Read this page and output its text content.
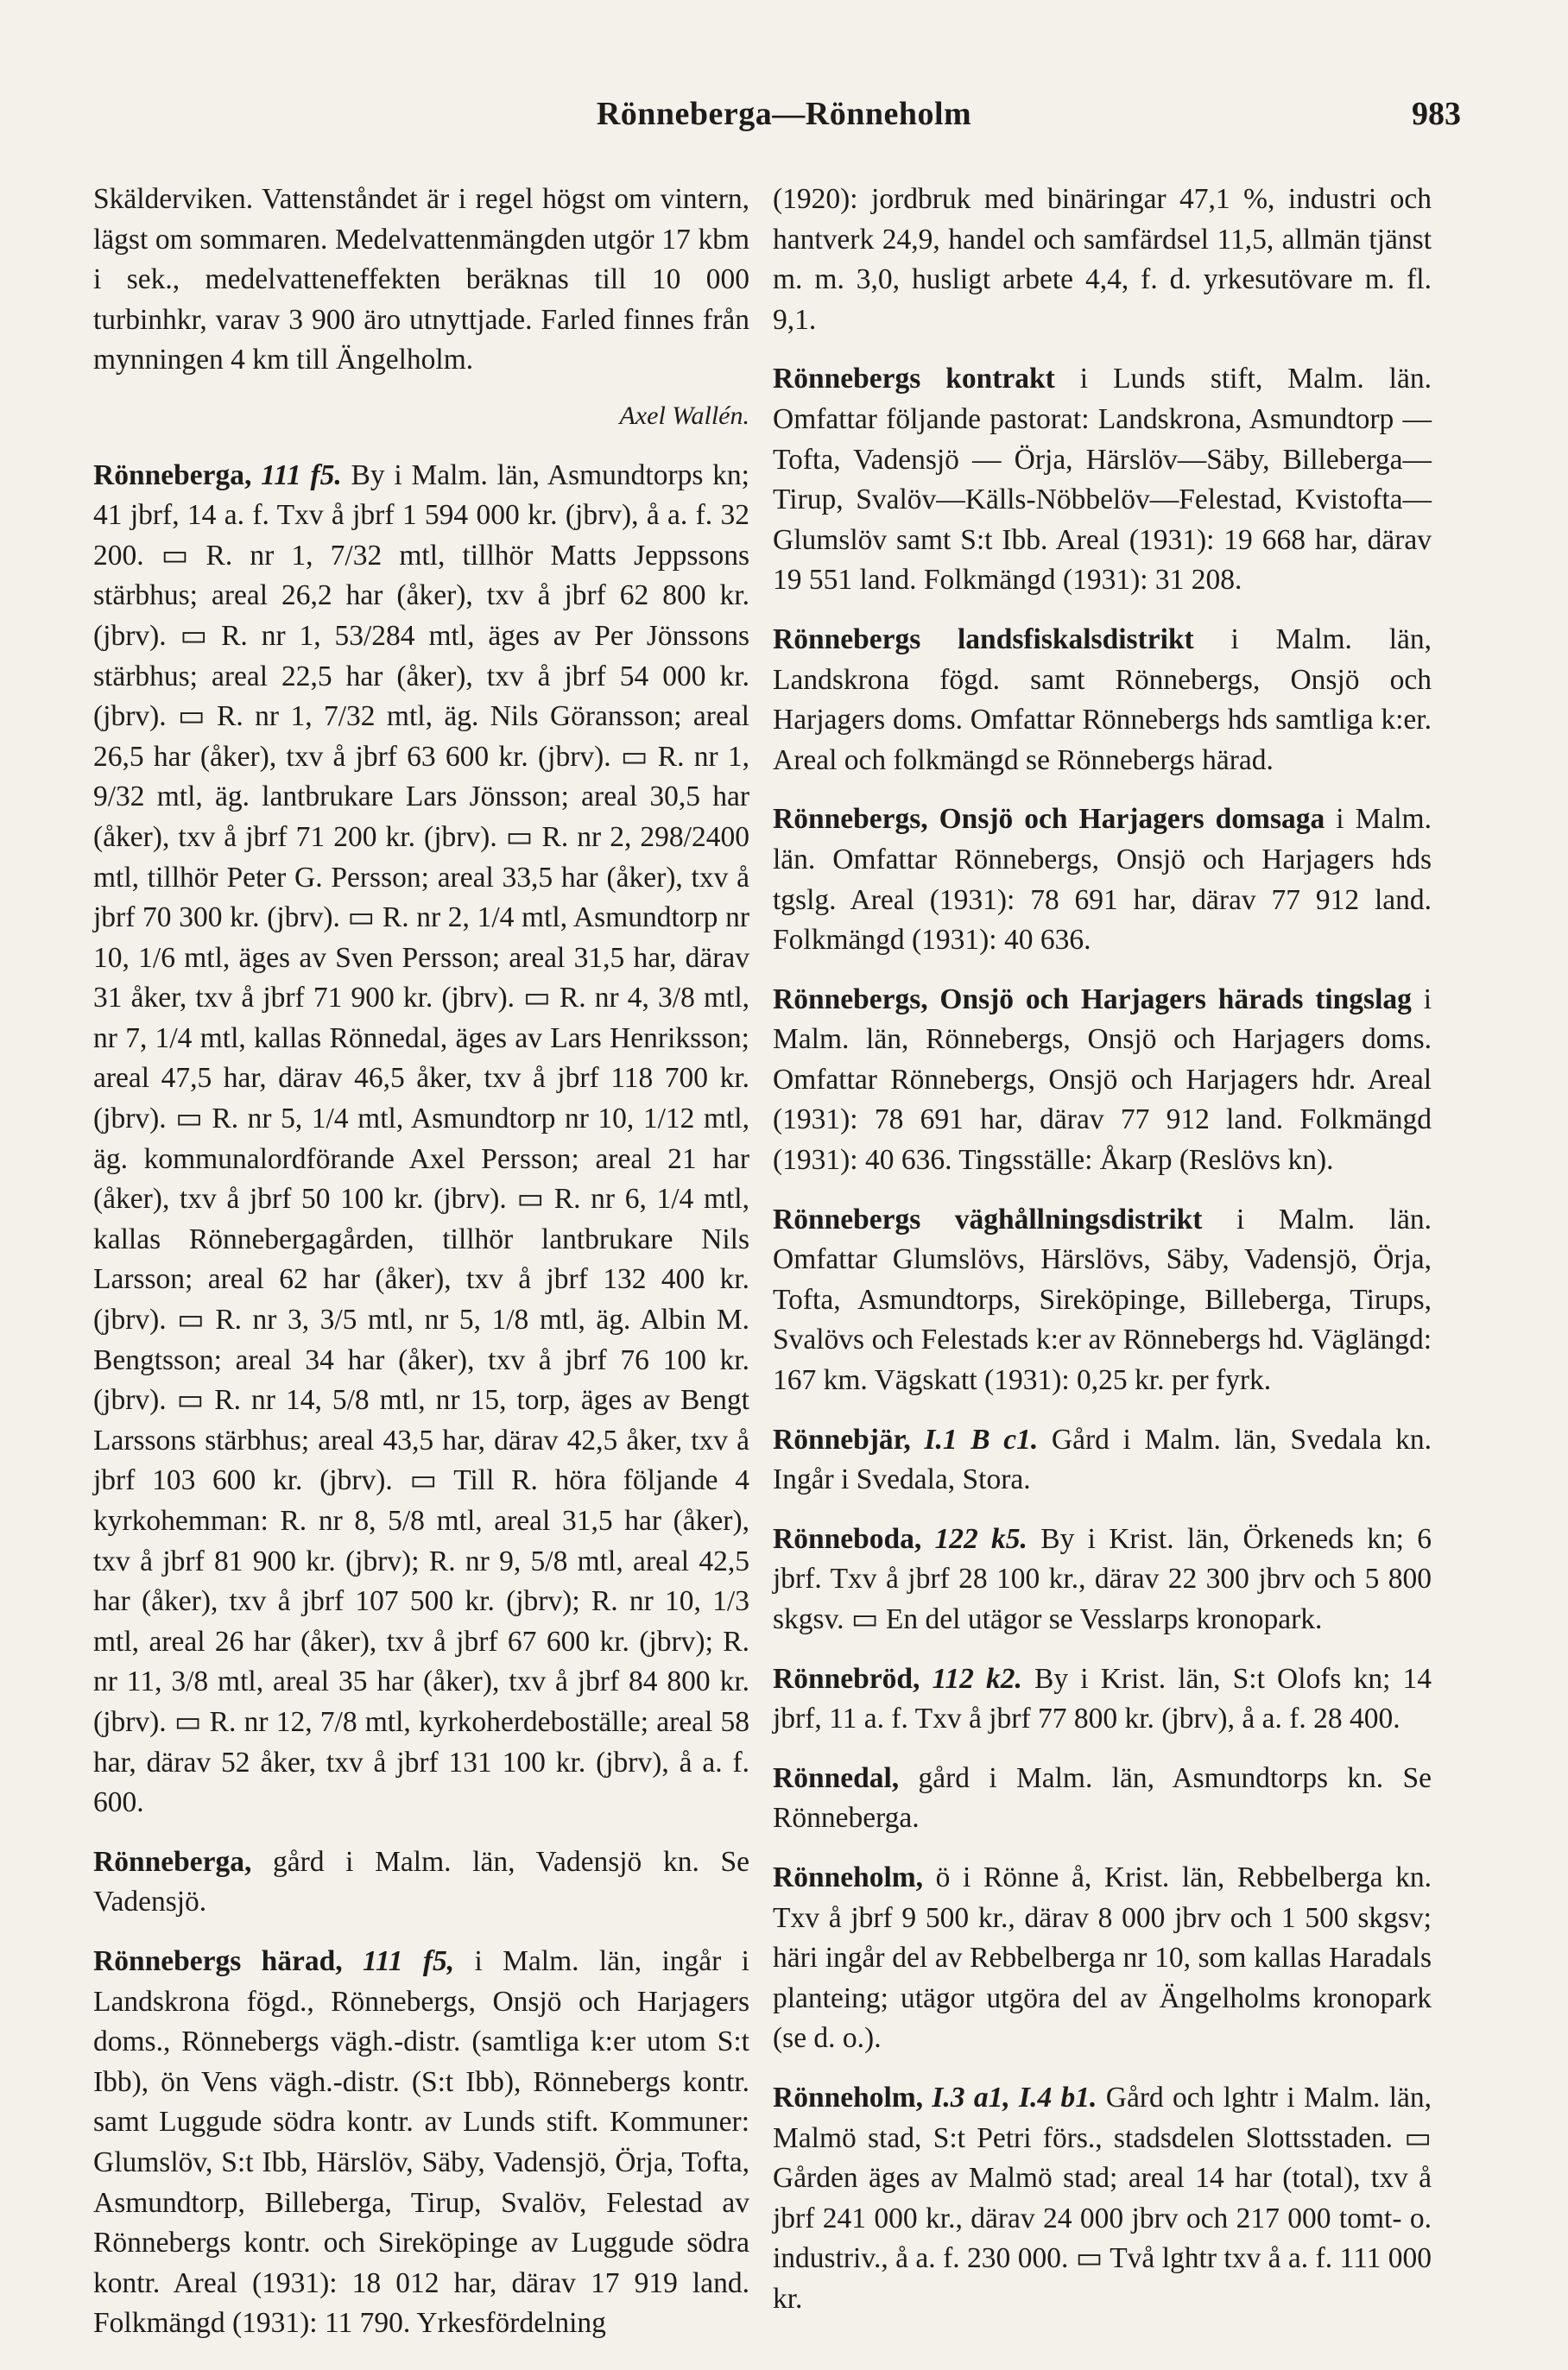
Rönneberga—Rönneholm	983

Skälderviken. Vattenståndet är i regel högst om vintern, lägst om sommaren. Medelvattenmängden utgör 17 kbm i sek., medelvatteneffekten beräknas till 10 000 turbinhkr, varav 3 900 äro utnyttjade. Farled finnes från mynningen 4 km till Ängelholm.

Axel Wallén.

Rönneberga, 111 f5. By i Malm. län, Asmundtorps kn; 41 jbrf, 14 a. f. Txv å jbrf 1 594 000 kr. (jbrv), å a. f. 32 200. ▭ R. nr 1, 7/32 mtl, tillhör Matts Jeppssons stärbhus; areal 26,2 har (åker), txv å jbrf 62 800 kr. (jbrv). ▭ R. nr 1, 53/284 mtl, äges av Per Jönssons stärbhus; areal 22,5 har (åker), txv å jbrf 54 000 kr. (jbrv). ▭ R. nr 1, 7/32 mtl, äg. Nils Göransson; areal 26,5 har (åker), txv å jbrf 63 600 kr. (jbrv). ▭ R. nr 1, 9/32 mtl, äg. lantbrukare Lars Jönsson; areal 30,5 har (åker), txv å jbrf 71 200 kr. (jbrv). ▭ R. nr 2, 298/2400 mtl, tillhör Peter G. Persson; areal 33,5 har (åker), txv å jbrf 70 300 kr. (jbrv). ▭ R. nr 2, 1/4 mtl, Asmundtorp nr 10, 1/6 mtl, äges av Sven Persson; areal 31,5 har, därav 31 åker, txv å jbrf 71 900 kr. (jbrv). ▭ R. nr 4, 3/8 mtl, nr 7, 1/4 mtl, kallas Rönnedal, äges av Lars Henriksson; areal 47,5 har, därav 46,5 åker, txv å jbrf 118 700 kr. (jbrv). ▭ R. nr 5, 1/4 mtl, Asmundtorp nr 10, 1/12 mtl, äg. kommunalordförande Axel Persson; areal 21 har (åker), txv å jbrf 50 100 kr. (jbrv). ▭ R. nr 6, 1/4 mtl, kallas Rönnebergagården, tillhör lantbrukare Nils Larsson; areal 62 har (åker), txv å jbrf 132 400 kr. (jbrv). ▭ R. nr 3, 3/5 mtl, nr 5, 1/8 mtl, äg. Albin M. Bengtsson; areal 34 har (åker), txv å jbrf 76 100 kr. (jbrv). ▭ R. nr 14, 5/8 mtl, nr 15, torp, äges av Bengt Larssons stärbhus; areal 43,5 har, därav 42,5 åker, txv å jbrf 103 600 kr. (jbrv). ▭ Till R. höra följande 4 kyrkohemman: R. nr 8, 5/8 mtl, areal 31,5 har (åker), txv å jbrf 81 900 kr. (jbrv); R. nr 9, 5/8 mtl, areal 42,5 har (åker), txv å jbrf 107 500 kr. (jbrv); R. nr 10, 1/3 mtl, areal 26 har (åker), txv å jbrf 67 600 kr. (jbrv); R. nr 11, 3/8 mtl, areal 35 har (åker), txv å jbrf 84 800 kr. (jbrv). ▭ R. nr 12, 7/8 mtl, kyrkoherdeboställe; areal 58 har, därav 52 åker, txv å jbrf 131 100 kr. (jbrv), å a. f. 600.

Rönneberga, gård i Malm. län, Vadensjö kn. Se Vadensjö.

Rönnebergs härad, 111 f5, i Malm. län, ingår i Landskrona fögd., Rönnebergs, Onsjö och Harjagers doms., Rönnebergs vägh.-distr. (samtliga k:er utom S:t Ibb), ön Vens vägh.-distr. (S:t Ibb), Rönnebergs kontr. samt Luggude södra kontr. av Lunds stift. Kommuner: Glumslöv, S:t Ibb, Härslöv, Säby, Vadensjö, Örja, Tofta, Asmundtorp, Billeberga, Tirup, Svalöv, Felestad av Rönnebergs kontr. och Sireköpinge av Luggude södra kontr. Areal (1931): 18 012 har, därav 17 919 land. Folkmängd (1931): 11 790. Yrkesfördelning

(1920): jordbruk med binäringar 47,1 %, industri och hantverk 24,9, handel och samfärdsel 11,5, allmän tjänst m. m. 3,0, husligt arbete 4,4, f. d. yrkesutövare m. fl. 9,1.

Rönnebergs kontrakt i Lunds stift, Malm. län. Omfattar följande pastorat: Landskrona, Asmundtorp — Tofta, Vadensjö — Örja, Härslöv—Säby, Billeberga—Tirup, Svalöv—Källs-Nöbbelöv—Felestad, Kvistofta—Glumslöv samt S:t Ibb. Areal (1931): 19 668 har, därav 19 551 land. Folkmängd (1931): 31 208.

Rönnebergs landsfiskalsdistrikt i Malm. län, Landskrona fögd. samt Rönnebergs, Onsjö och Harjagers doms. Omfattar Rönnebergs hds samtliga k:er. Areal och folkmängd se Rönnebergs härad.

Rönnebergs, Onsjö och Harjagers domsaga i Malm. län. Omfattar Rönnebergs, Onsjö och Harjagers hds tgslg. Areal (1931): 78 691 har, därav 77 912 land. Folkmängd (1931): 40 636.

Rönnebergs, Onsjö och Harjagers härads tingslag i Malm. län, Rönnebergs, Onsjö och Harjagers doms. Omfattar Rönnebergs, Onsjö och Harjagers hdr. Areal (1931): 78 691 har, därav 77 912 land. Folkmängd (1931): 40 636. Tingsställe: Åkarp (Reslövs kn).

Rönnebergs väghållningsdistrikt i Malm. län. Omfattar Glumslövs, Härslövs, Säby, Vadensjö, Örja, Tofta, Asmundtorps, Sireköpinge, Billeberga, Tirups, Svalövs och Felestads k:er av Rönnebergs hd. Väglängd: 167 km. Vägskatt (1931): 0,25 kr. per fyrk.

Rönnebjär, I.1 B c1. Gård i Malm. län, Svedala kn. Ingår i Svedala, Stora.

Rönneboda, 122 k5. By i Krist. län, Örkeneds kn; 6 jbrf. Txv å jbrf 28 100 kr., därav 22 300 jbrv och 5 800 skgsv. ▭ En del utägor se Vesslarps kronopark.

Rönnebröd, 112 k2. By i Krist. län, S:t Olofs kn; 14 jbrf, 11 a. f. Txv å jbrf 77 800 kr. (jbrv), å a. f. 28 400.

Rönnedal, gård i Malm. län, Asmundtorps kn. Se Rönneberga.

Rönneholm, ö i Rönne å, Krist. län, Rebbelberga kn. Txv å jbrf 9 500 kr., därav 8 000 jbrv och 1 500 skgsv; häri ingår del av Rebbelberga nr 10, som kallas Haradals planteing; utägor utgöra del av Ängelholms kronopark (se d. o.).

Rönneholm, I.3 a1, I.4 b1. Gård och lghtr i Malm. län, Malmö stad, S:t Petri förs., stadsdelen Slottsstaden. ▭ Gården äges av Malmö stad; areal 14 har (total), txv å jbrf 241 000 kr., därav 24 000 jbrv och 217 000 tomt- o. industriv., å a. f. 230 000. ▭ Två lghtr txv å a. f. 111 000 kr.
